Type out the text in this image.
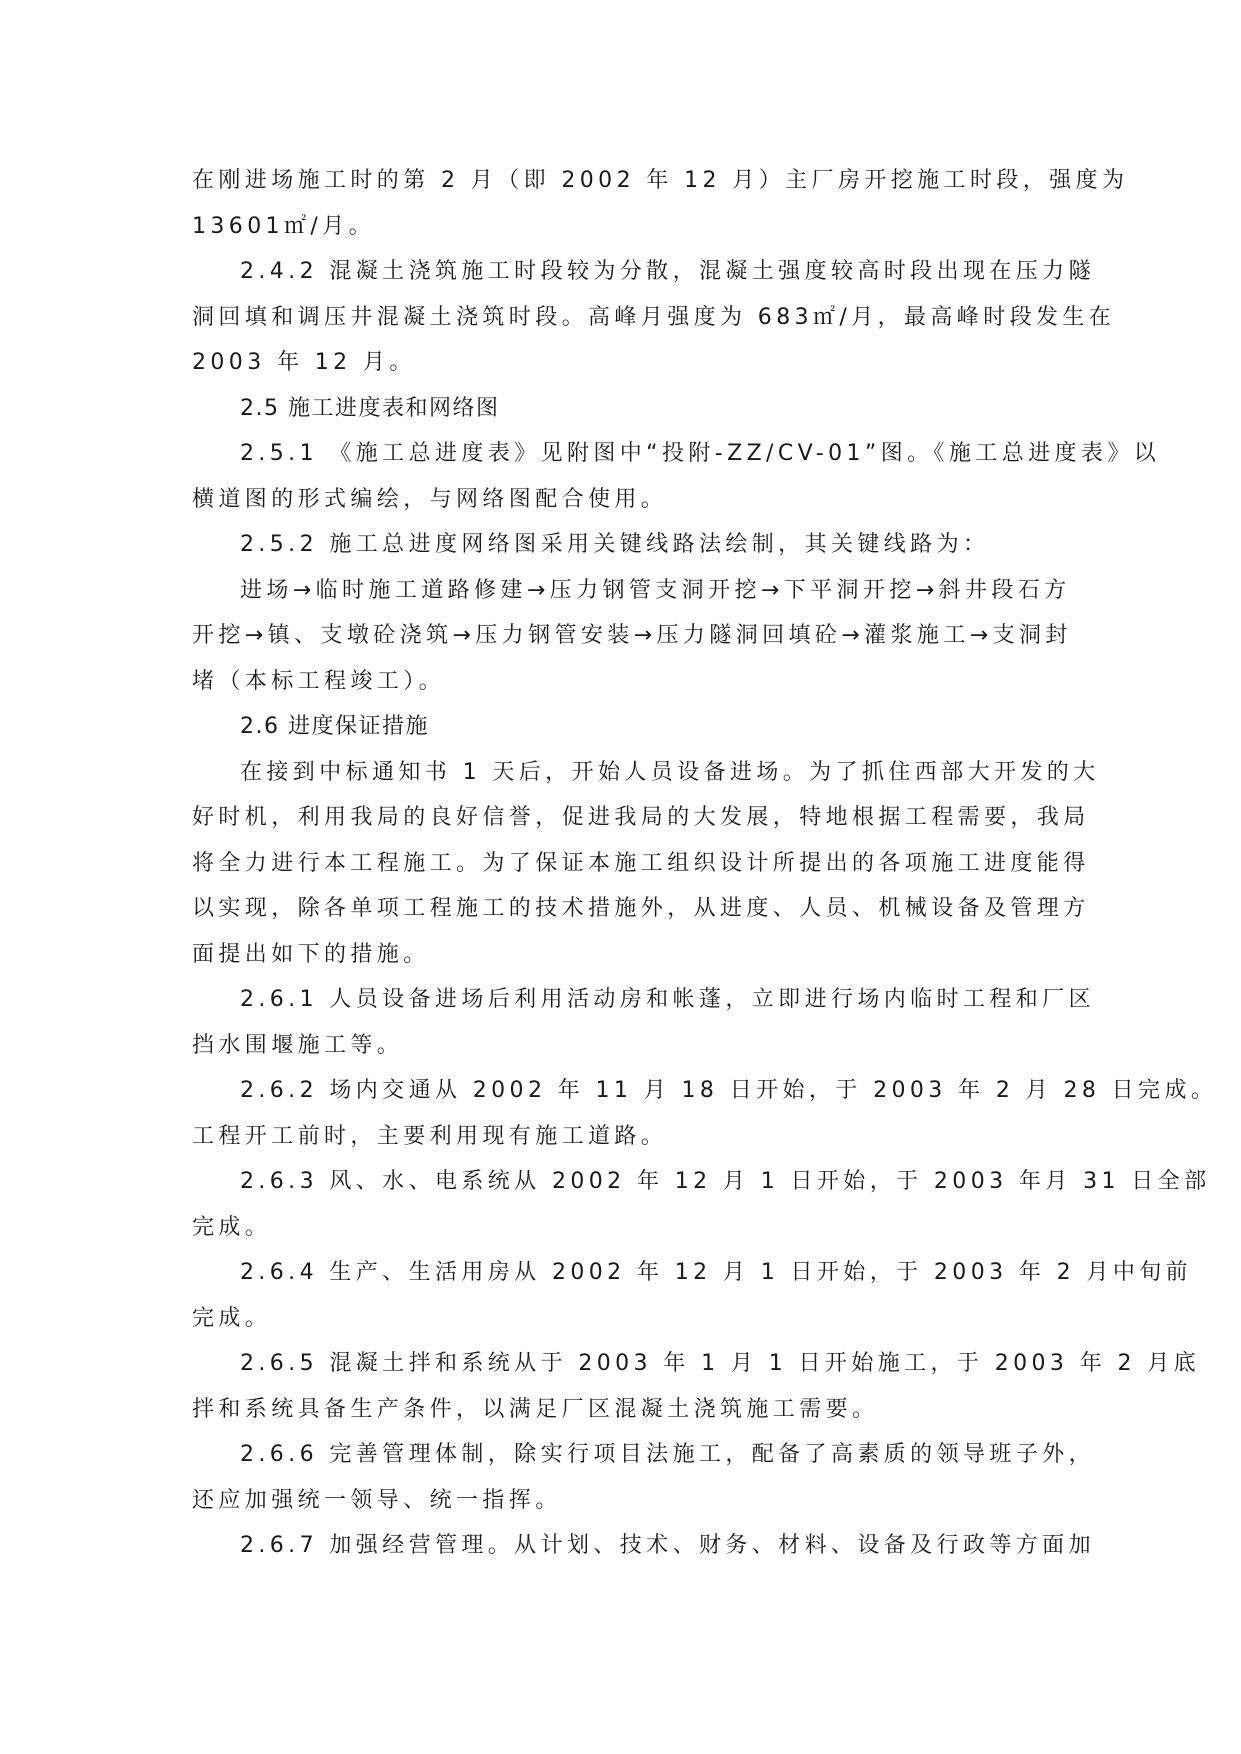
在刚进场施工时的第 2 月（即 2002 年 12 月）主厂房开挖施工时段，强度为
13601㎡/月。
2.4.2 混凝土浇筑施工时段较为分散，混凝土强度较高时段出现在压力隧
洞回填和调压井混凝土浇筑时段。高峰月强度为 683㎡/月，最高峰时段发生在
2003 年 12 月。
2.5 施工进度表和网络图
2.5.1 《施工总进度表》见附图中“投附-ZZ/CV-01”图。《施工总进度表》以
横道图的形式编绘，与网络图配合使用。
2.5.2 施工总进度网络图采用关键线路法绘制，其关键线路为：
进场→临时施工道路修建→压力钢管支洞开挖→下平洞开挖→斜井段石方
开挖→镇、支墩砼浇筑→压力钢管安装→压力隧洞回填砼→灌浆施工→支洞封
堵（本标工程竣工）。
2.6 进度保证措施
在接到中标通知书 1 天后，开始人员设备进场。为了抓住西部大开发的大
好时机，利用我局的良好信誉，促进我局的大发展，特地根据工程需要，我局
将全力进行本工程施工。为了保证本施工组织设计所提出的各项施工进度能得
以实现，除各单项工程施工的技术措施外，从进度、人员、机械设备及管理方
面提出如下的措施。
2.6.1 人员设备进场后利用活动房和帐蓬，立即进行场内临时工程和厂区
挡水围堰施工等。
2.6.2 场内交通从 2002 年 11 月 18 日开始，于 2003 年 2 月 28 日完成。
工程开工前时，主要利用现有施工道路。
2.6.3 风、水、电系统从 2002 年 12 月 1 日开始，于 2003 年月 31 日全部
完成。
2.6.4 生产、生活用房从 2002 年 12 月 1 日开始，于 2003 年 2 月中旬前
完成。
2.6.5 混凝土拌和系统从于 2003 年 1 月 1 日开始施工，于 2003 年 2 月底
拌和系统具备生产条件，以满足厂区混凝土浇筑施工需要。
2.6.6 完善管理体制，除实行项目法施工，配备了高素质的领导班子外，
还应加强统一领导、统一指挥。
2.6.7 加强经营管理。从计划、技术、财务、材料、设备及行政等方面加
